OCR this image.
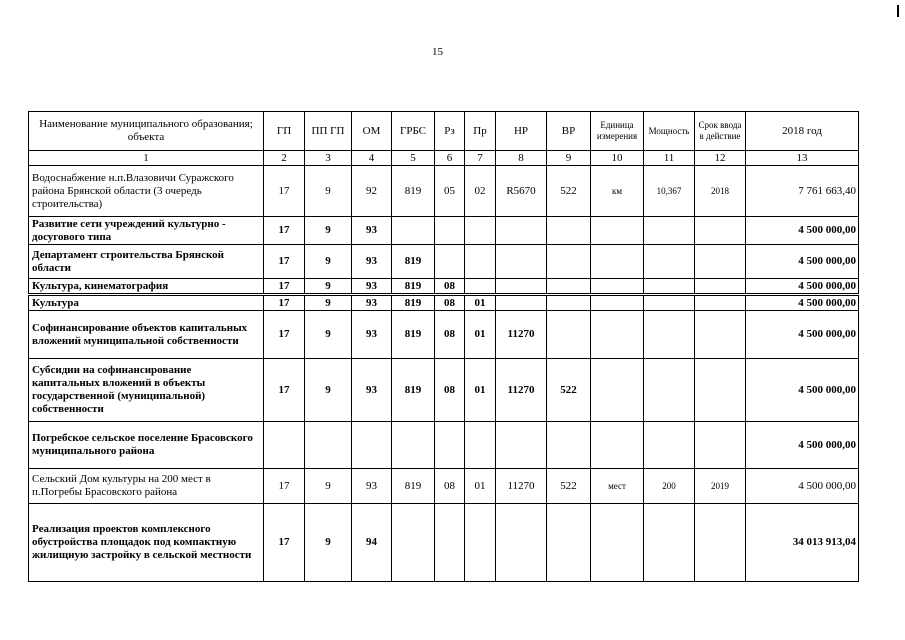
15
Наименование муниципального образования; объекта	ГП	ПП ГП	ОМ	ГРБС	Рз	Пр	НР	ВР	Единица измерения	Мощность	Срок ввода в действие	2018 год
1	2	3	4	5	6	7	8	9	10	11	12	13
Водоснабжение н.п.Влазовичи Суражского района Брянской области (3 очередь строительства)	17	9	92	819	05	02	R5670	522	км	10,367	2018	7 761 663,40
Развитие сети учреждений культурно - досугового типа	17	9	93									4 500 000,00
Департамент строительства Брянской области	17	9	93	819								4 500 000,00
Культура, кинематография	17	9	93	819	08							4 500 000,00
Культура	17	9	93	819	08	01						4 500 000,00
Софинансирование объектов капитальных вложений муниципальной собственности	17	9	93	819	08	01	11270					4 500 000,00
Субсидии на софинансирование капитальных вложений в объекты государственной (муниципальной) собственности	17	9	93	819	08	01	11270	522				4 500 000,00
Погребское сельское поселение Брасовского муниципального района												4 500 000,00
Сельский Дом культуры на 200 мест в п.Погребы Брасовского района	17	9	93	819	08	01	11270	522	мест	200	2019	4 500 000,00
Реализация проектов комплексного обустройства площадок под компактную жилищную застройку в сельской местности	17	9	94									34 013 913,04
